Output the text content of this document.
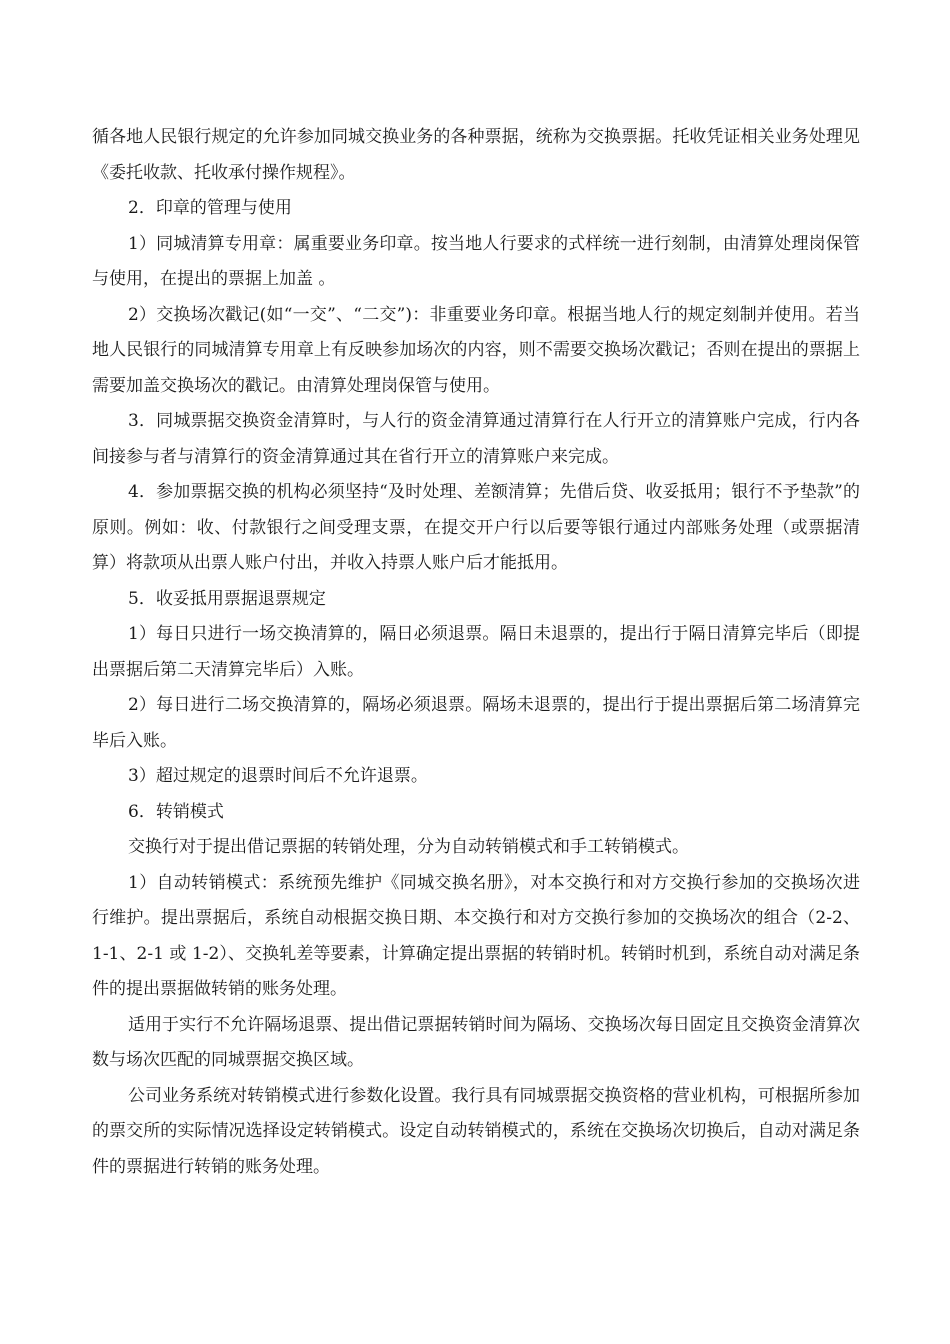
循各地人民银行规定的允许参加同城交换业务的各种票据，统称为交换票据。托收凭证相关业务处理见《委托收款、托收承付操作规程》。

2．印章的管理与使用

1）同城清算专用章：属重要业务印章。按当地人行要求的式样统一进行刻制，由清算处理岗保管与使用，在提出的票据上加盖 。

2）交换场次戳记(如“一交”、“二交”)：非重要业务印章。根据当地人行的规定刻制并使用。若当地人民银行的同城清算专用章上有反映参加场次的内容，则不需要交换场次戳记；否则在提出的票据上需要加盖交换场次的戳记。由清算处理岗保管与使用。

3．同城票据交换资金清算时，与人行的资金清算通过清算行在人行开立的清算账户完成，行内各间接参与者与清算行的资金清算通过其在省行开立的清算账户来完成。

4．参加票据交换的机构必须坚持“及时处理、差额清算；先借后贷、收妥抵用；银行不予垫款”的原则。例如：收、付款银行之间受理支票，在提交开户行以后要等银行通过内部账务处理（或票据清算）将款项从出票人账户付出，并收入持票人账户后才能抵用。

5．收妥抵用票据退票规定

1）每日只进行一场交换清算的，隔日必须退票。隔日未退票的，提出行于隔日清算完毕后（即提出票据后第二天清算完毕后）入账。

2）每日进行二场交换清算的，隔场必须退票。隔场未退票的，提出行于提出票据后第二场清算完毕后入账。

3）超过规定的退票时间后不允许退票。

6．转销模式

交换行对于提出借记票据的转销处理，分为自动转销模式和手工转销模式。

1）自动转销模式：系统预先维护《同城交换名册》，对本交换行和对方交换行参加的交换场次进行维护。提出票据后，系统自动根据交换日期、本交换行和对方交换行参加的交换场次的组合（2-2、1-1、2-1 或 1-2）、交换轧差等要素，计算确定提出票据的转销时机。转销时机到，系统自动对满足条件的提出票据做转销的账务处理。

适用于实行不允许隔场退票、提出借记票据转销时间为隔场、交换场次每日固定且交换资金清算次数与场次匹配的同城票据交换区域。

公司业务系统对转销模式进行参数化设置。我行具有同城票据交换资格的营业机构，可根据所参加的票交所的实际情况选择设定转销模式。设定自动转销模式的，系统在交换场次切换后，自动对满足条件的票据进行转销的账务处理。
